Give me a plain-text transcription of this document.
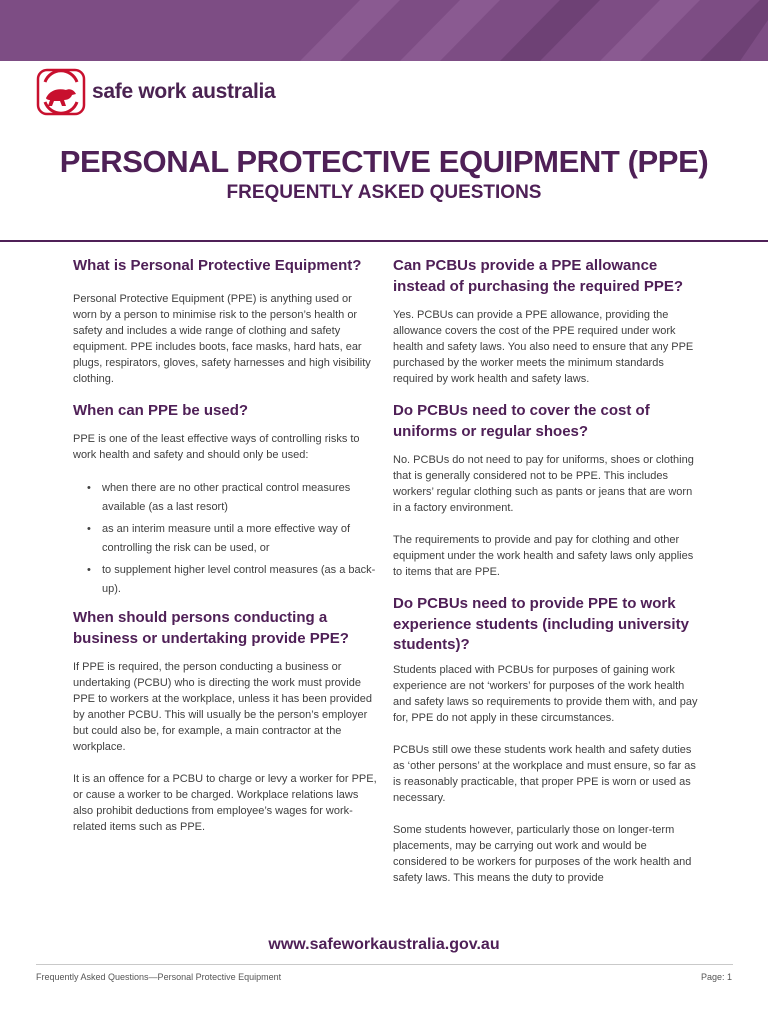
safe work australia
PERSONAL PROTECTIVE EQUIPMENT (PPE)
FREQUENTLY ASKED QUESTIONS
What is Personal Protective Equipment?

Personal Protective Equipment (PPE) is anything used or worn by a person to minimise risk to the person’s health or safety and includes a wide range of clothing and safety equipment. PPE includes boots, face masks, hard hats, ear plugs, respirators, gloves, safety harnesses and high visibility clothing.

When can PPE be used?

PPE is one of the least effective ways of controlling risks to work health and safety and should only be used:

• when there are no other practical control measures available (as a last resort)
• as an interim measure until a more effective way of controlling the risk can be used, or
• to supplement higher level control measures (as a back-up).
When should persons conducting a business or undertaking provide PPE?

If PPE is required, the person conducting a business or undertaking (PCBU) who is directing the work must provide PPE to workers at the workplace, unless it has been provided by another PCBU. This will usually be the person’s employer but could also be, for example, a main contractor at the workplace.

It is an offence for a PCBU to charge or levy a worker for PPE, or cause a worker to be charged. Workplace relations laws also prohibit deductions from employee’s wages for work-related items such as PPE.

Can PCBUs provide a PPE allowance instead of purchasing the required PPE?

Yes. PCBUs can provide a PPE allowance, providing the allowance covers the cost of the PPE required under work health and safety laws. You also need to ensure that any PPE purchased by the worker meets the minimum standards required by work health and safety laws.

Do PCBUs need to cover the cost of uniforms or regular shoes?

No. PCBUs do not need to pay for uniforms, shoes or clothing that is generally considered not to be PPE. This includes workers’ regular clothing such as pants or jeans that are worn in a factory environment.

The requirements to provide and pay for clothing and other equipment under the work health and safety laws only applies to items that are PPE.

Do PCBUs need to provide PPE to work experience students (including university students)?

Students placed with PCBUs for purposes of gaining work experience are not ‘workers’ for purposes of the work health and safety laws so requirements to provide them with, and pay for, PPE do not apply in these circumstances.

PCBUs still owe these students work health and safety duties as ‘other persons’ at the workplace and must ensure, so far as is reasonably practicable, that proper PPE is worn or used as necessary.

Some students however, particularly those on longer-term placements, may be carrying out work and would be considered to be workers for purposes of the work health and safety laws. This means the duty to provide

www.safeworkaustralia.gov.au
Frequently Asked Questions—Personal Protective Equipment	Page: 1
